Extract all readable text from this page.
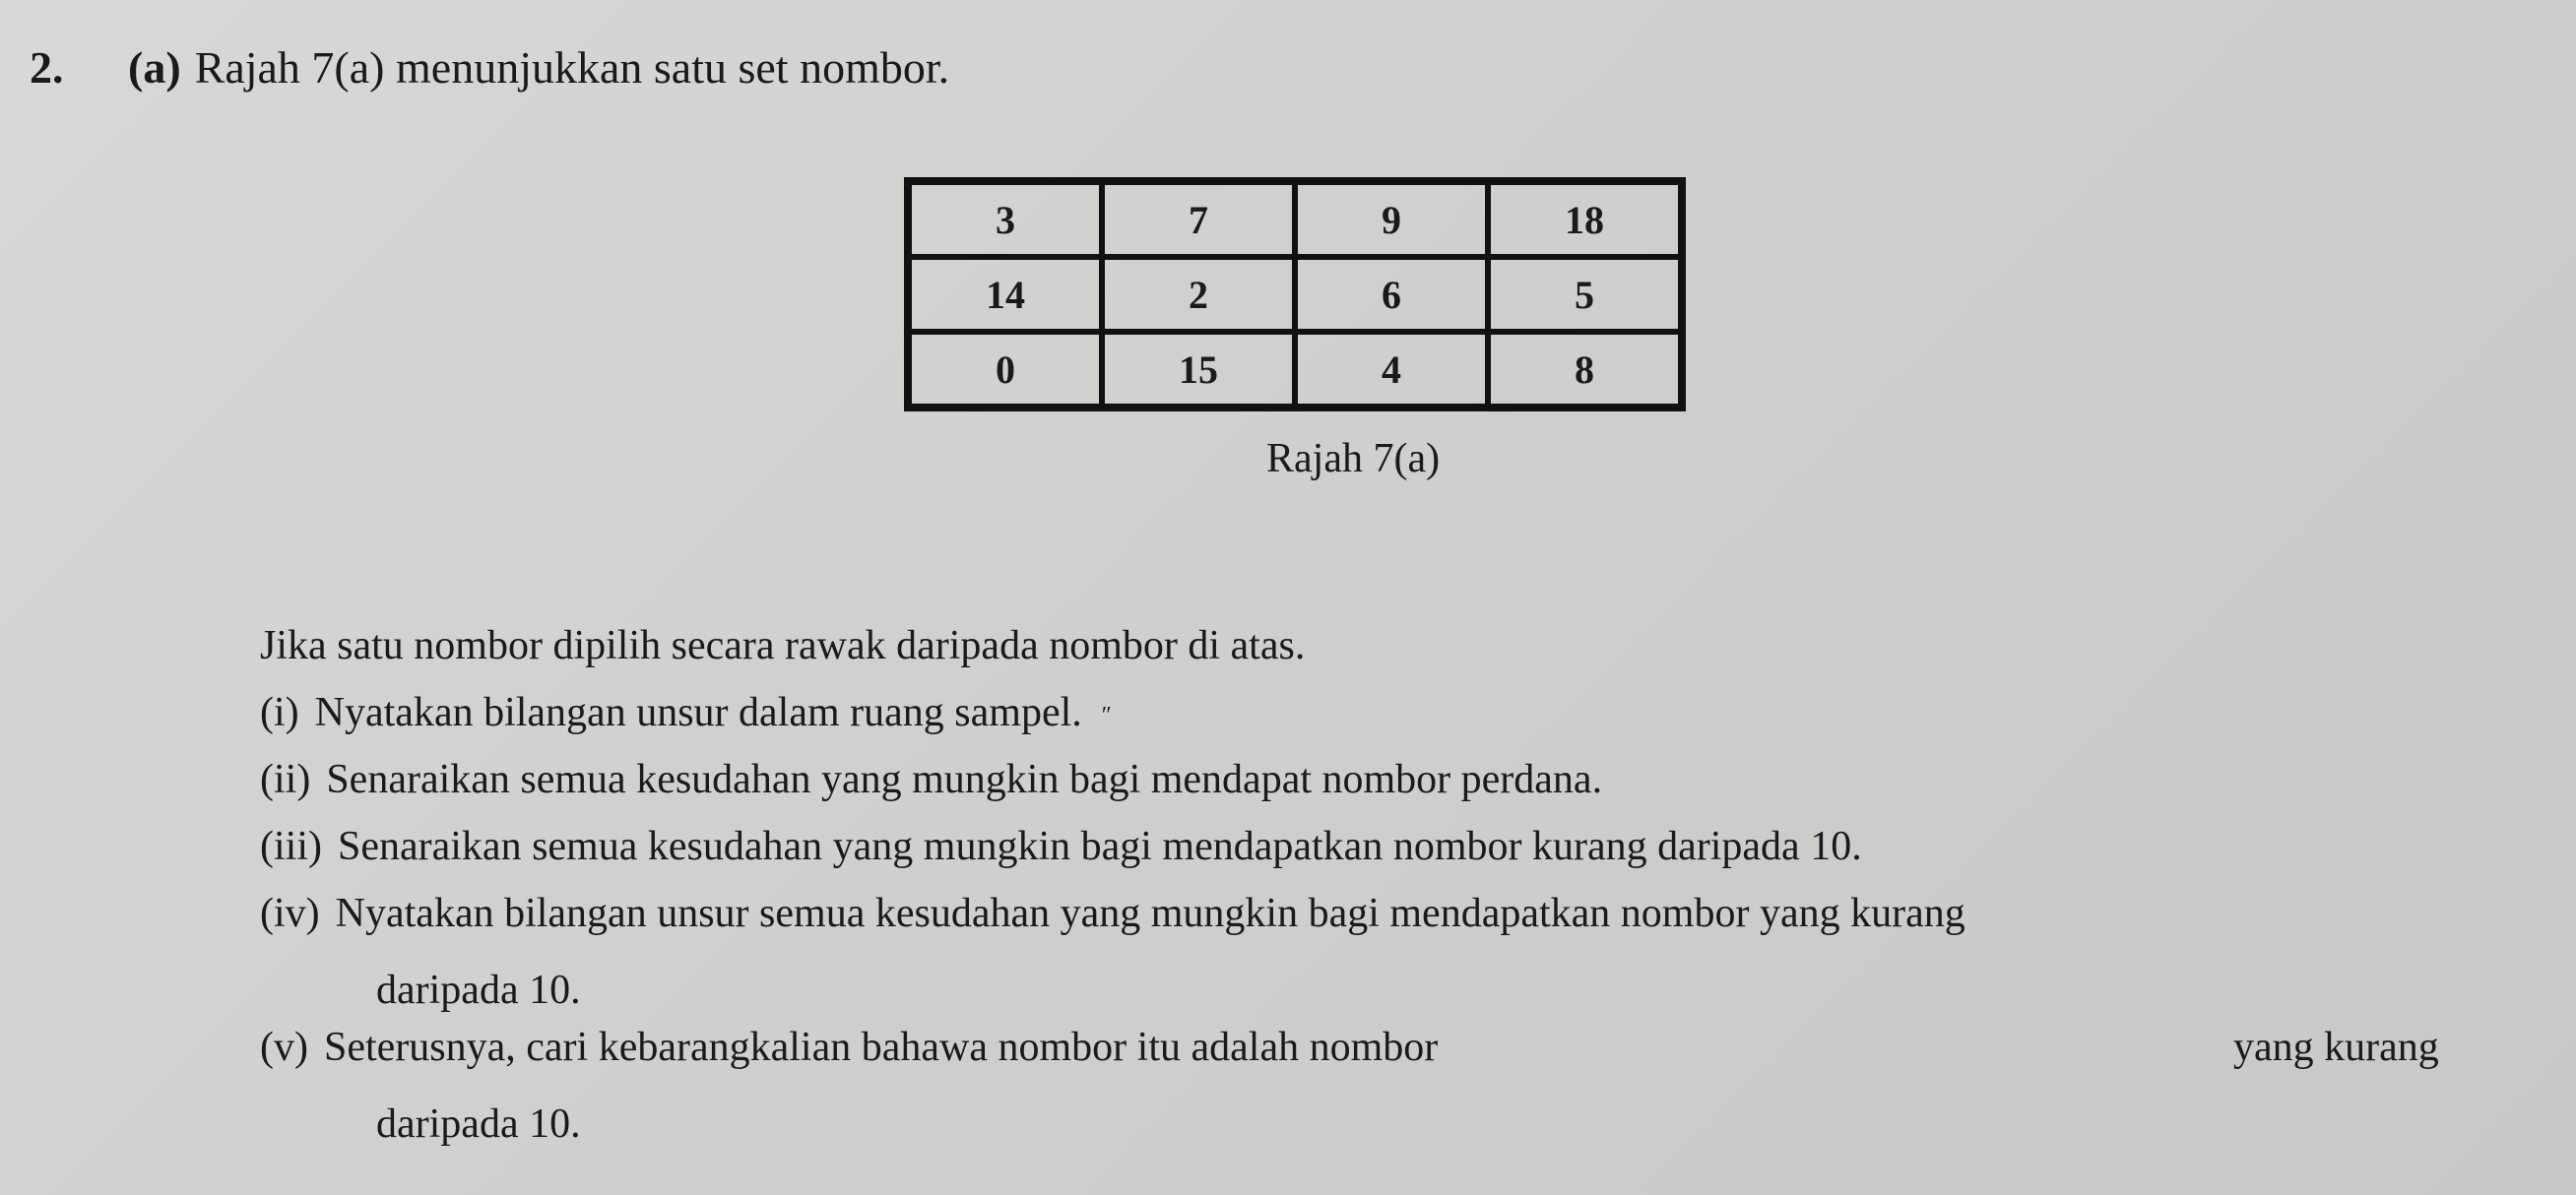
2. (a) Rajah 7(a) menunjukkan satu set nombor.
3	7	9	18
14	2	6	5
0	15	4	8
Rajah 7(a)
Jika satu nombor dipilih secara rawak daripada nombor di atas.
(i) Nyatakan bilangan unsur dalam ruang sampel. ″
(ii) Senaraikan semua kesudahan yang mungkin bagi mendapat nombor perdana.
(iii) Senaraikan semua kesudahan yang mungkin bagi mendapatkan nombor kurang daripada 10.
(iv) Nyatakan bilangan unsur semua kesudahan yang mungkin bagi mendapatkan nombor yang kurang
daripada 10.
(v) Seterusnya, cari kebarangkalian bahawa nombor itu adalah nombor	yang kurang
daripada 10.
